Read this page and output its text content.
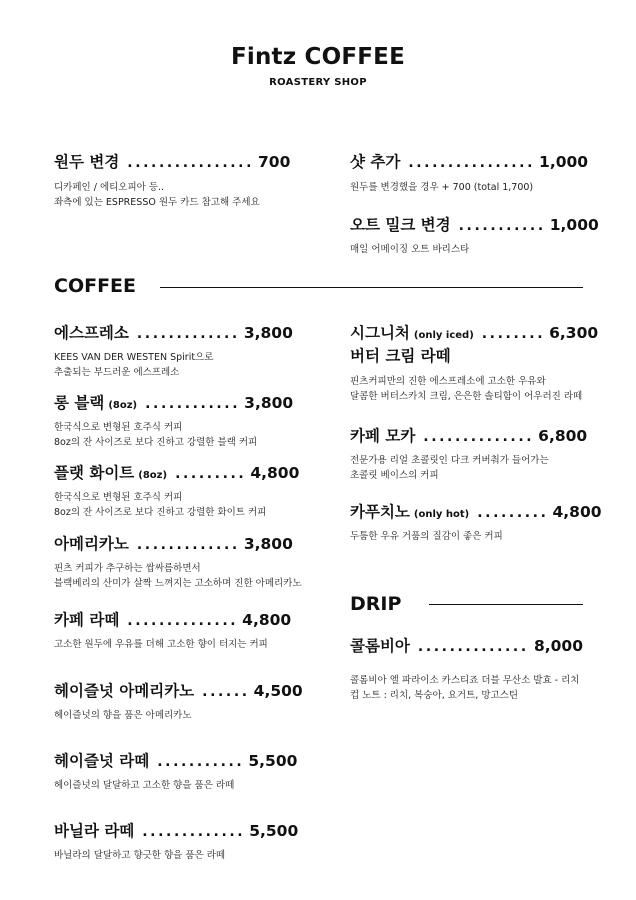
Fintz COFFEE
ROASTERY SHOP
원두 변경 ................ 700
디카페인 / 에티오피아 등..
좌측에 있는 ESPRESSO 원두 카드 참고해 주세요
샷 추가 ................ 1,000
원두를 변경했을 경우 + 700 (total 1,700)
오트 밀크 변경 ........... 1,000
매일 어메이징 오트 바리스타
COFFEE
에스프레소 ............. 3,800
KEES VAN DER WESTEN Spirit으로
추출되는 부드러운 에스프레소
롱 블랙 (8oz) ............ 3,800
한국식으로 변형된 호주식 커피
8oz의 잔 사이즈로 보다 진하고 강렬한 블랙 커피
플랫 화이트 (8oz) ......... 4,800
한국식으로 변형된 호주식 커피
8oz의 잔 사이즈로 보다 진하고 강렬한 화이트 커피
아메리카노 ............. 3,800
핀츠 커피가 추구하는 쌉싸름하면서
블랙베리의 산미가 살짝 느껴지는 고소하며 진한 아메리카노
카페 라떼 .............. 4,800
고소한 원두에 우유를 더해 고소한 향이 터지는 커피
헤이즐넛 아메리카노 ...... 4,500
헤이즐넛의 향을 품은 아메리카노
헤이즐넛 라떼 ........... 5,500
헤이즐넛의 달달하고 고소한 향을 품은 라떼
바닐라 라떼 ............. 5,500
바닐라의 달달하고 향긋한 향을 품은 라떼
시그니처 (only iced) ........ 6,300
버터 크림 라떼
핀츠커피만의 진한 에스프레소에 고소한 우유와
달콤한 버터스카치 크림, 은은한 솔티함이 어우러진 라떼
카페 모카 .............. 6,800
전문가용 리얼 초콜릿인 다크 커버춰가 들어가는
초콜릿 베이스의 커피
카푸치노 (only hot) ......... 4,800
두툼한 우유 거품의 질감이 좋은 커피
DRIP
콜롬비아 .............. 8,000
콜롬비아 엘 파라이소 카스티죠 더블 무산소 발효 - 리치
컵 노트 : 리치, 복숭아, 요거트, 망고스틴
